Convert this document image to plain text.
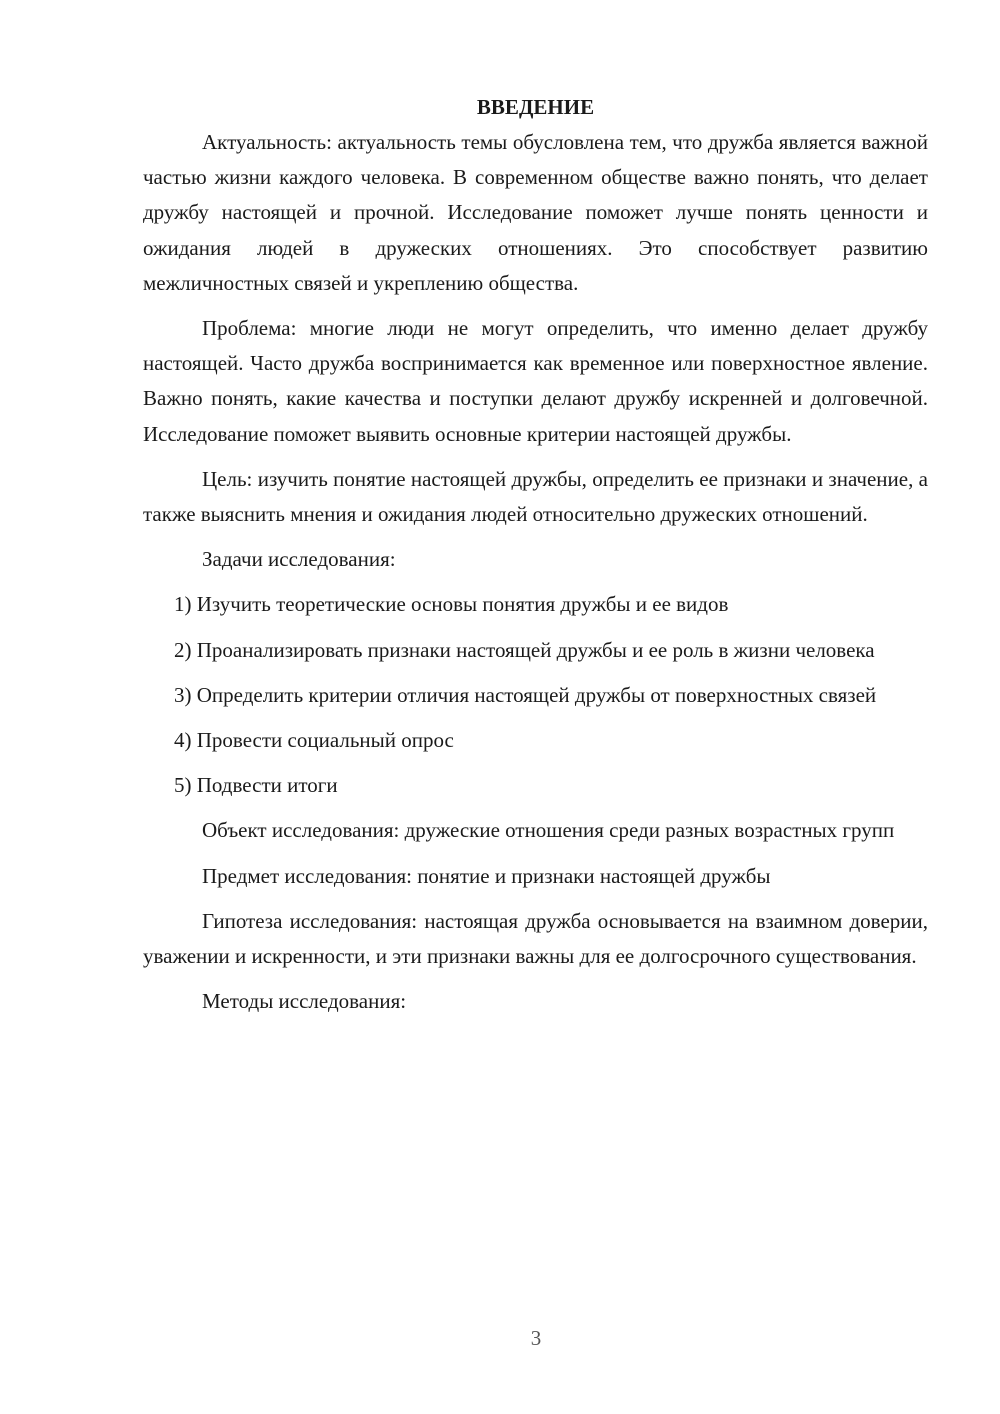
ВВЕДЕНИЕ

Актуальность: актуальность темы обусловлена тем, что дружба является важной частью жизни каждого человека. В современном обществе важно понять, что делает дружбу настоящей и прочной. Исследование поможет лучше понять ценности и ожидания людей в дружеских отношениях. Это способствует развитию межличностных связей и укреплению общества.

Проблема: многие люди не могут определить, что именно делает дружбу настоящей. Часто дружба воспринимается как временное или поверхностное явление. Важно понять, какие качества и поступки делают дружбу искренней и долговечной. Исследование поможет выявить основные критерии настоящей дружбы.

Цель: изучить понятие настоящей дружбы, определить ее признаки и значение, а также выяснить мнения и ожидания людей относительно дружеских отношений.

Задачи исследования:

1) Изучить теоретические основы понятия дружбы и ее видов

2) Проанализировать признаки настоящей дружбы и ее роль в жизни человека

3) Определить критерии отличия настоящей дружбы от поверхностных связей

4) Провести социальный опрос

5) Подвести итоги

Объект исследования: дружеские отношения среди разных возрастных групп

Предмет исследования: понятие и признаки настоящей дружбы

Гипотеза исследования: настоящая дружба основывается на взаимном доверии, уважении и искренности, и эти признаки важны для ее долгосрочного существования.

Методы исследования:

3
